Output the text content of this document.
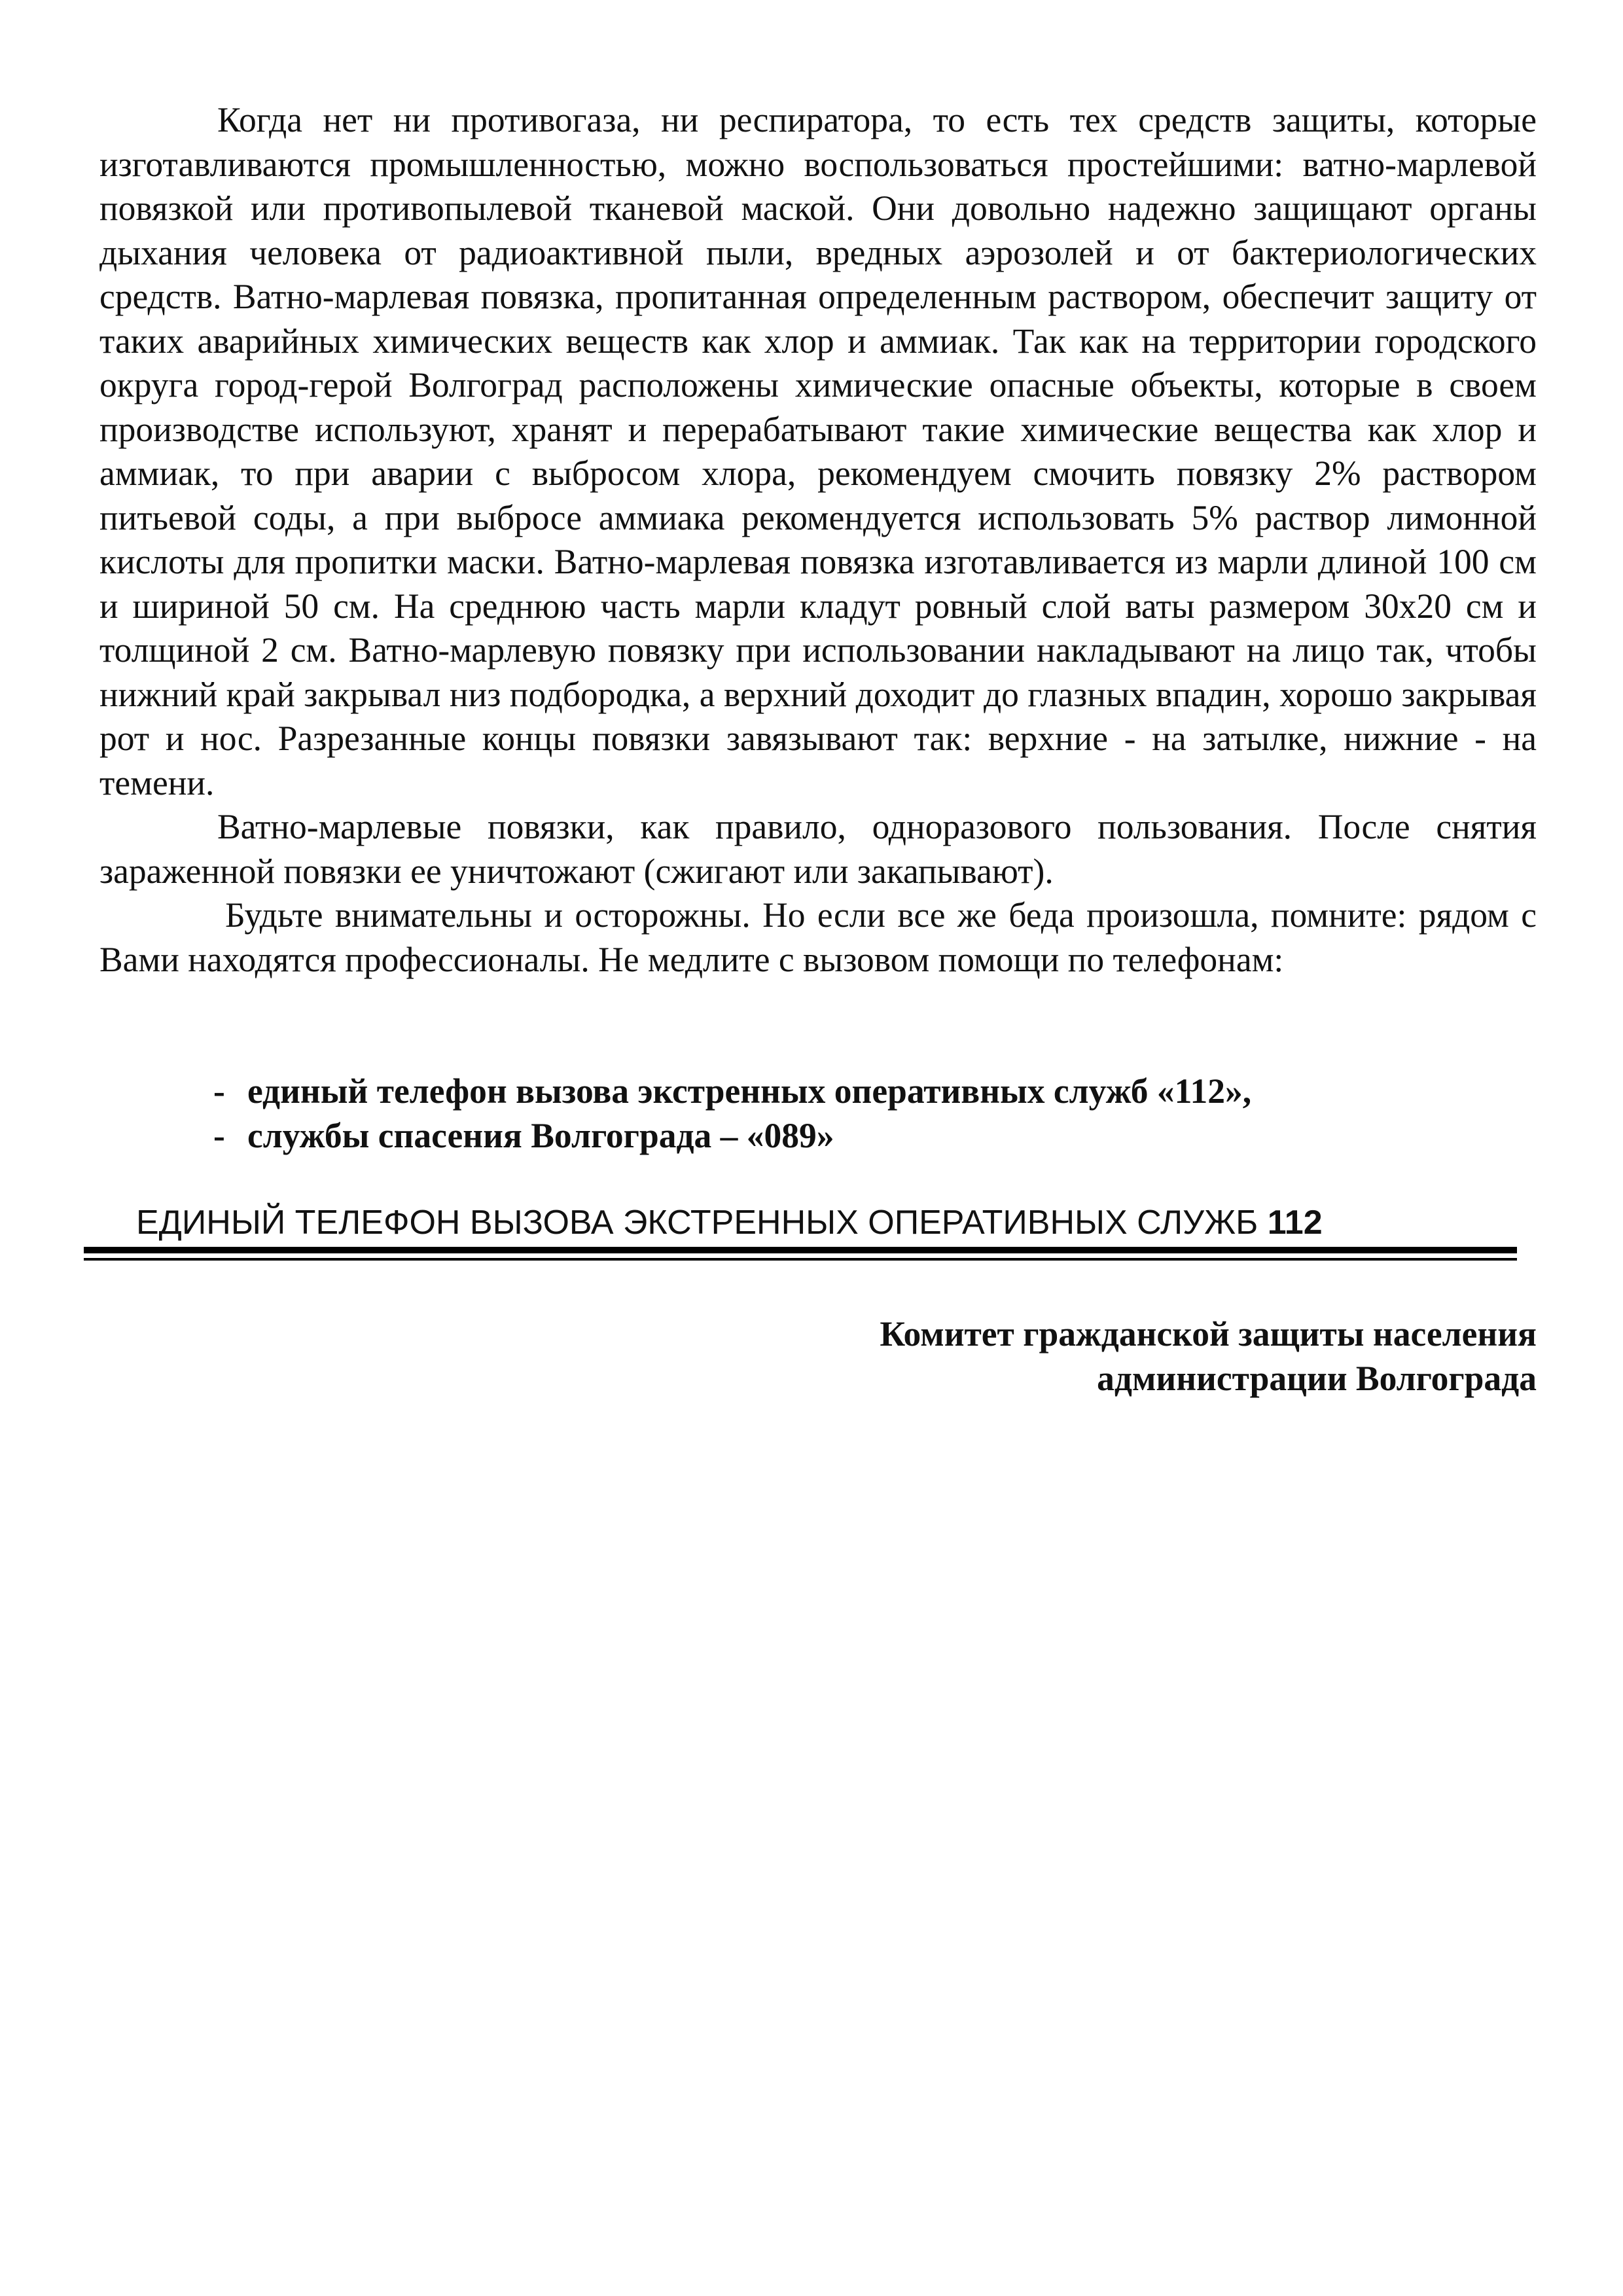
Когда нет ни противогаза, ни респиратора, то есть тех средств защиты, которые изготавливаются промышленностью, можно воспользоваться простейшими: ватно-марлевой повязкой или противопылевой тканевой маской. Они довольно надежно защищают органы дыхания человека от радиоактивной пыли, вредных аэрозолей и от бактериологических средств. Ватно-марлевая повязка, пропитанная определенным раствором, обеспечит защиту от таких аварийных химических веществ как хлор и аммиак. Так как на территории городского округа город-герой Волгоград расположены химические опасные объекты, которые в своем производстве используют, хранят и перерабатывают такие химические вещества как хлор и аммиак, то при аварии с выбросом хлора, рекомендуем смочить повязку 2% раствором питьевой соды, а при выбросе аммиака рекомендуется использовать 5% раствор лимонной кислоты для пропитки маски. Ватно-марлевая повязка изготавливается из марли длиной 100 см и шириной 50 см. На среднюю часть марли кладут ровный слой ваты размером 30х20 см и толщиной 2 см. Ватно-марлевую повязку при использовании накладывают на лицо так, чтобы нижний край закрывал низ подбородка, а верхний доходит до глазных впадин, хорошо закрывая рот и нос. Разрезанные концы повязки завязывают так: верхние - на затылке, нижние - на темени.

Ватно-марлевые повязки, как правило, одноразового пользования. После снятия зараженной повязки ее уничтожают (сжигают или закапывают).

Будьте внимательны и осторожны. Но если все же беда произошла, помните: рядом с Вами находятся профессионалы. Не медлите с вызовом помощи по телефонам:

- единый телефон вызова экстренных оперативных служб «112»,
- службы спасения Волгограда – «089»
ЕДИНЫЙ ТЕЛЕФОН ВЫЗОВА ЭКСТРЕННЫХ ОПЕРАТИВНЫХ СЛУЖБ 112
Комитет гражданской защиты населения
администрации Волгограда
